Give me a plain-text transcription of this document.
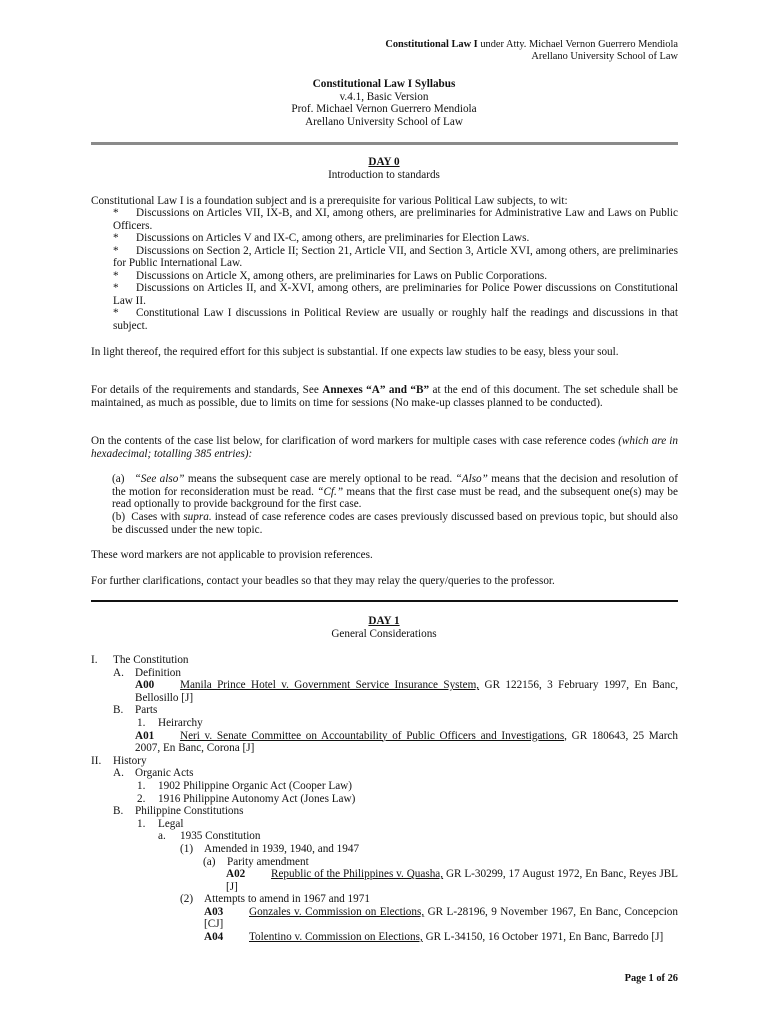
Constitutional Law I under Atty. Michael Vernon Guerrero Mendiola
Arellano University School of Law
Constitutional Law I Syllabus
v.4.1, Basic Version
Prof. Michael Vernon Guerrero Mendiola
Arellano University School of Law
DAY 0
Introduction to standards
Constitutional Law I is a foundation subject and is a prerequisite for various Political Law subjects, to wit:
*	Discussions on Articles VII, IX-B, and XI, among others, are preliminaries for Administrative Law and Laws on Public Officers.
*	Discussions on Articles V and IX-C, among others, are preliminaries for Election Laws.
*	Discussions on Section 2, Article II; Section 21, Article VII, and Section 3, Article XVI, among others, are preliminaries for Public International Law.
*	Discussions on Article X, among others, are preliminaries for Laws on Public Corporations.
*	Discussions on Articles II, and X-XVI, among others, are preliminaries for Police Power discussions on Constitutional Law II.
*	Constitutional Law I discussions in Political Review are usually or roughly half the readings and discussions in that subject.
In light thereof, the required effort for this subject is substantial. If one expects law studies to be easy, bless your soul.
For details of the requirements and standards, See Annexes “A” and “B” at the end of this document. The set schedule shall be maintained, as much as possible, due to limits on time for sessions (No make-up classes planned to be conducted).
On the contents of the case list below, for clarification of word markers for multiple cases with case reference codes (which are in hexadecimal; totalling 385 entries):
(a)   “See also” means the subsequent case are merely optional to be read. “Also” means that the decision and resolution of the motion for reconsideration must be read. “Cf.” means that the first case must be read, and the subsequent one(s) may be read optionally to provide background for the first case.
(b)  Cases with supra. instead of case reference codes are cases previously discussed based on previous topic, but should also be discussed under the new topic.
These word markers are not applicable to provision references.
For further clarifications, contact your beadles so that they may relay the query/queries to the professor.
DAY 1
General Considerations
I. The Constitution
A. Definition
A00	Manila Prince Hotel v. Government Service Insurance System, GR 122156, 3 February 1997, En Banc, Bellosillo [J]
B. Parts
1. Heirarchy
A01	Neri v. Senate Committee on Accountability of Public Officers and Investigations, GR 180643, 25 March 2007, En Banc, Corona [J]
II. History
A. Organic Acts
1. 1902 Philippine Organic Act (Cooper Law)
2. 1916 Philippine Autonomy Act (Jones Law)
B. Philippine Constitutions
1. Legal
a. 1935 Constitution
(1) Amended in 1939, 1940, and 1947
(a) Parity amendment
A02	Republic of the Philippines v. Quasha, GR L-30299, 17 August 1972, En Banc, Reyes JBL [J]
(2) Attempts to amend in 1967 and 1971
A03	Gonzales v. Commission on Elections, GR L-28196, 9 November 1967, En Banc, Concepcion [CJ]
A04	Tolentino v. Commission on Elections, GR L-34150, 16 October 1971, En Banc, Barredo [J]
Page 1 of 26
